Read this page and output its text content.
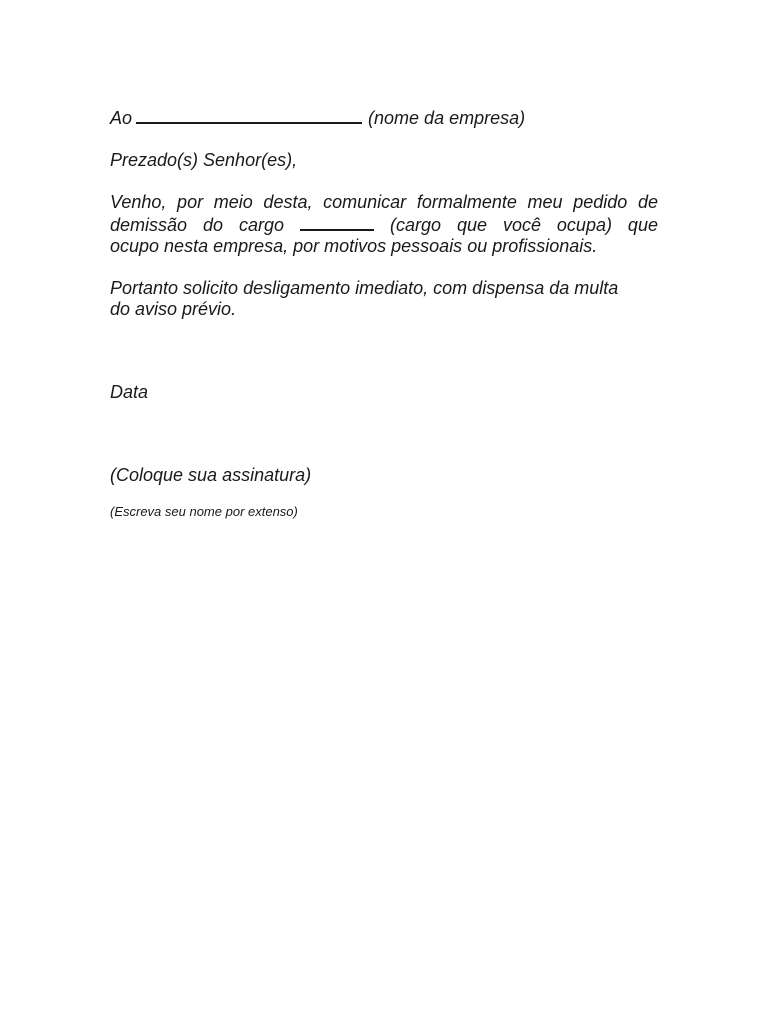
Ao	(nome da empresa)
Prezado(s) Senhor(es),
Venho, por meio desta, comunicar formalmente meu pedido de
demissão do cargo	(cargo que você ocupa) que
ocupo nesta empresa, por motivos pessoais ou profissionais.
Portanto solicito desligamento imediato, com dispensa da multa
do aviso prévio.
Data
(Coloque sua assinatura)
(Escreva seu nome por extenso)
